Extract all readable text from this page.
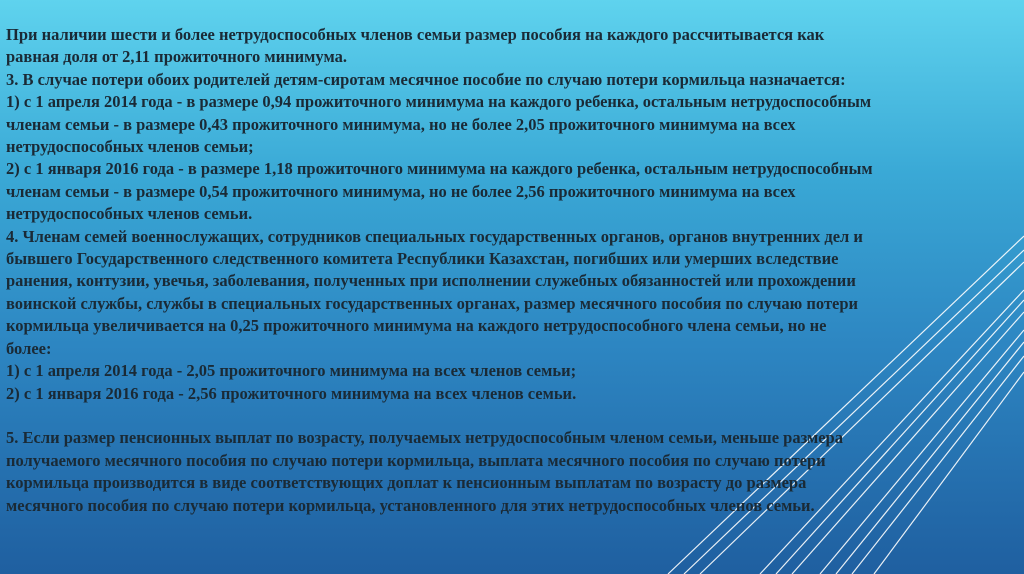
При наличии шести и более нетрудоспособных членов семьи размер пособия на каждого рассчитывается как
равная доля от 2,11 прожиточного минимума.
3. В случае потери обоих родителей детям-сиротам месячное пособие по случаю потери кормильца назначается:
1) с 1 апреля 2014 года - в размере 0,94 прожиточного минимума на каждого ребенка, остальным нетрудоспособным
членам семьи - в размере 0,43 прожиточного минимума, но не более 2,05 прожиточного минимума на всех
нетрудоспособных членов семьи;
2) с 1 января 2016 года - в размере 1,18 прожиточного минимума на каждого ребенка, остальным нетрудоспособным
членам семьи - в размере 0,54 прожиточного минимума, но не более 2,56 прожиточного минимума на всех
нетрудоспособных членов семьи.
4. Членам семей военнослужащих, сотрудников специальных государственных органов, органов внутренних дел и
бывшего Государственного следственного комитета Республики Казахстан, погибших или умерших вследствие
ранения, контузии, увечья, заболевания, полученных при исполнении служебных обязанностей или прохождении
воинской службы, службы в специальных государственных органах, размер месячного пособия по случаю потери
кормильца увеличивается на 0,25 прожиточного минимума на каждого нетрудоспособного члена семьи, но не
более:
1) с 1 апреля 2014 года - 2,05 прожиточного минимума на всех членов семьи;
2) с 1 января 2016 года - 2,56 прожиточного минимума на всех членов семьи.
5. Если размер пенсионных выплат по возрасту, получаемых нетрудоспособным членом семьи, меньше размера
получаемого месячного пособия по случаю потери кормильца, выплата месячного пособия по случаю потери
кормильца производится в виде соответствующих доплат к пенсионным выплатам по возрасту до размера
месячного пособия по случаю потери кормильца, установленного для этих нетрудоспособных членов семьи.
